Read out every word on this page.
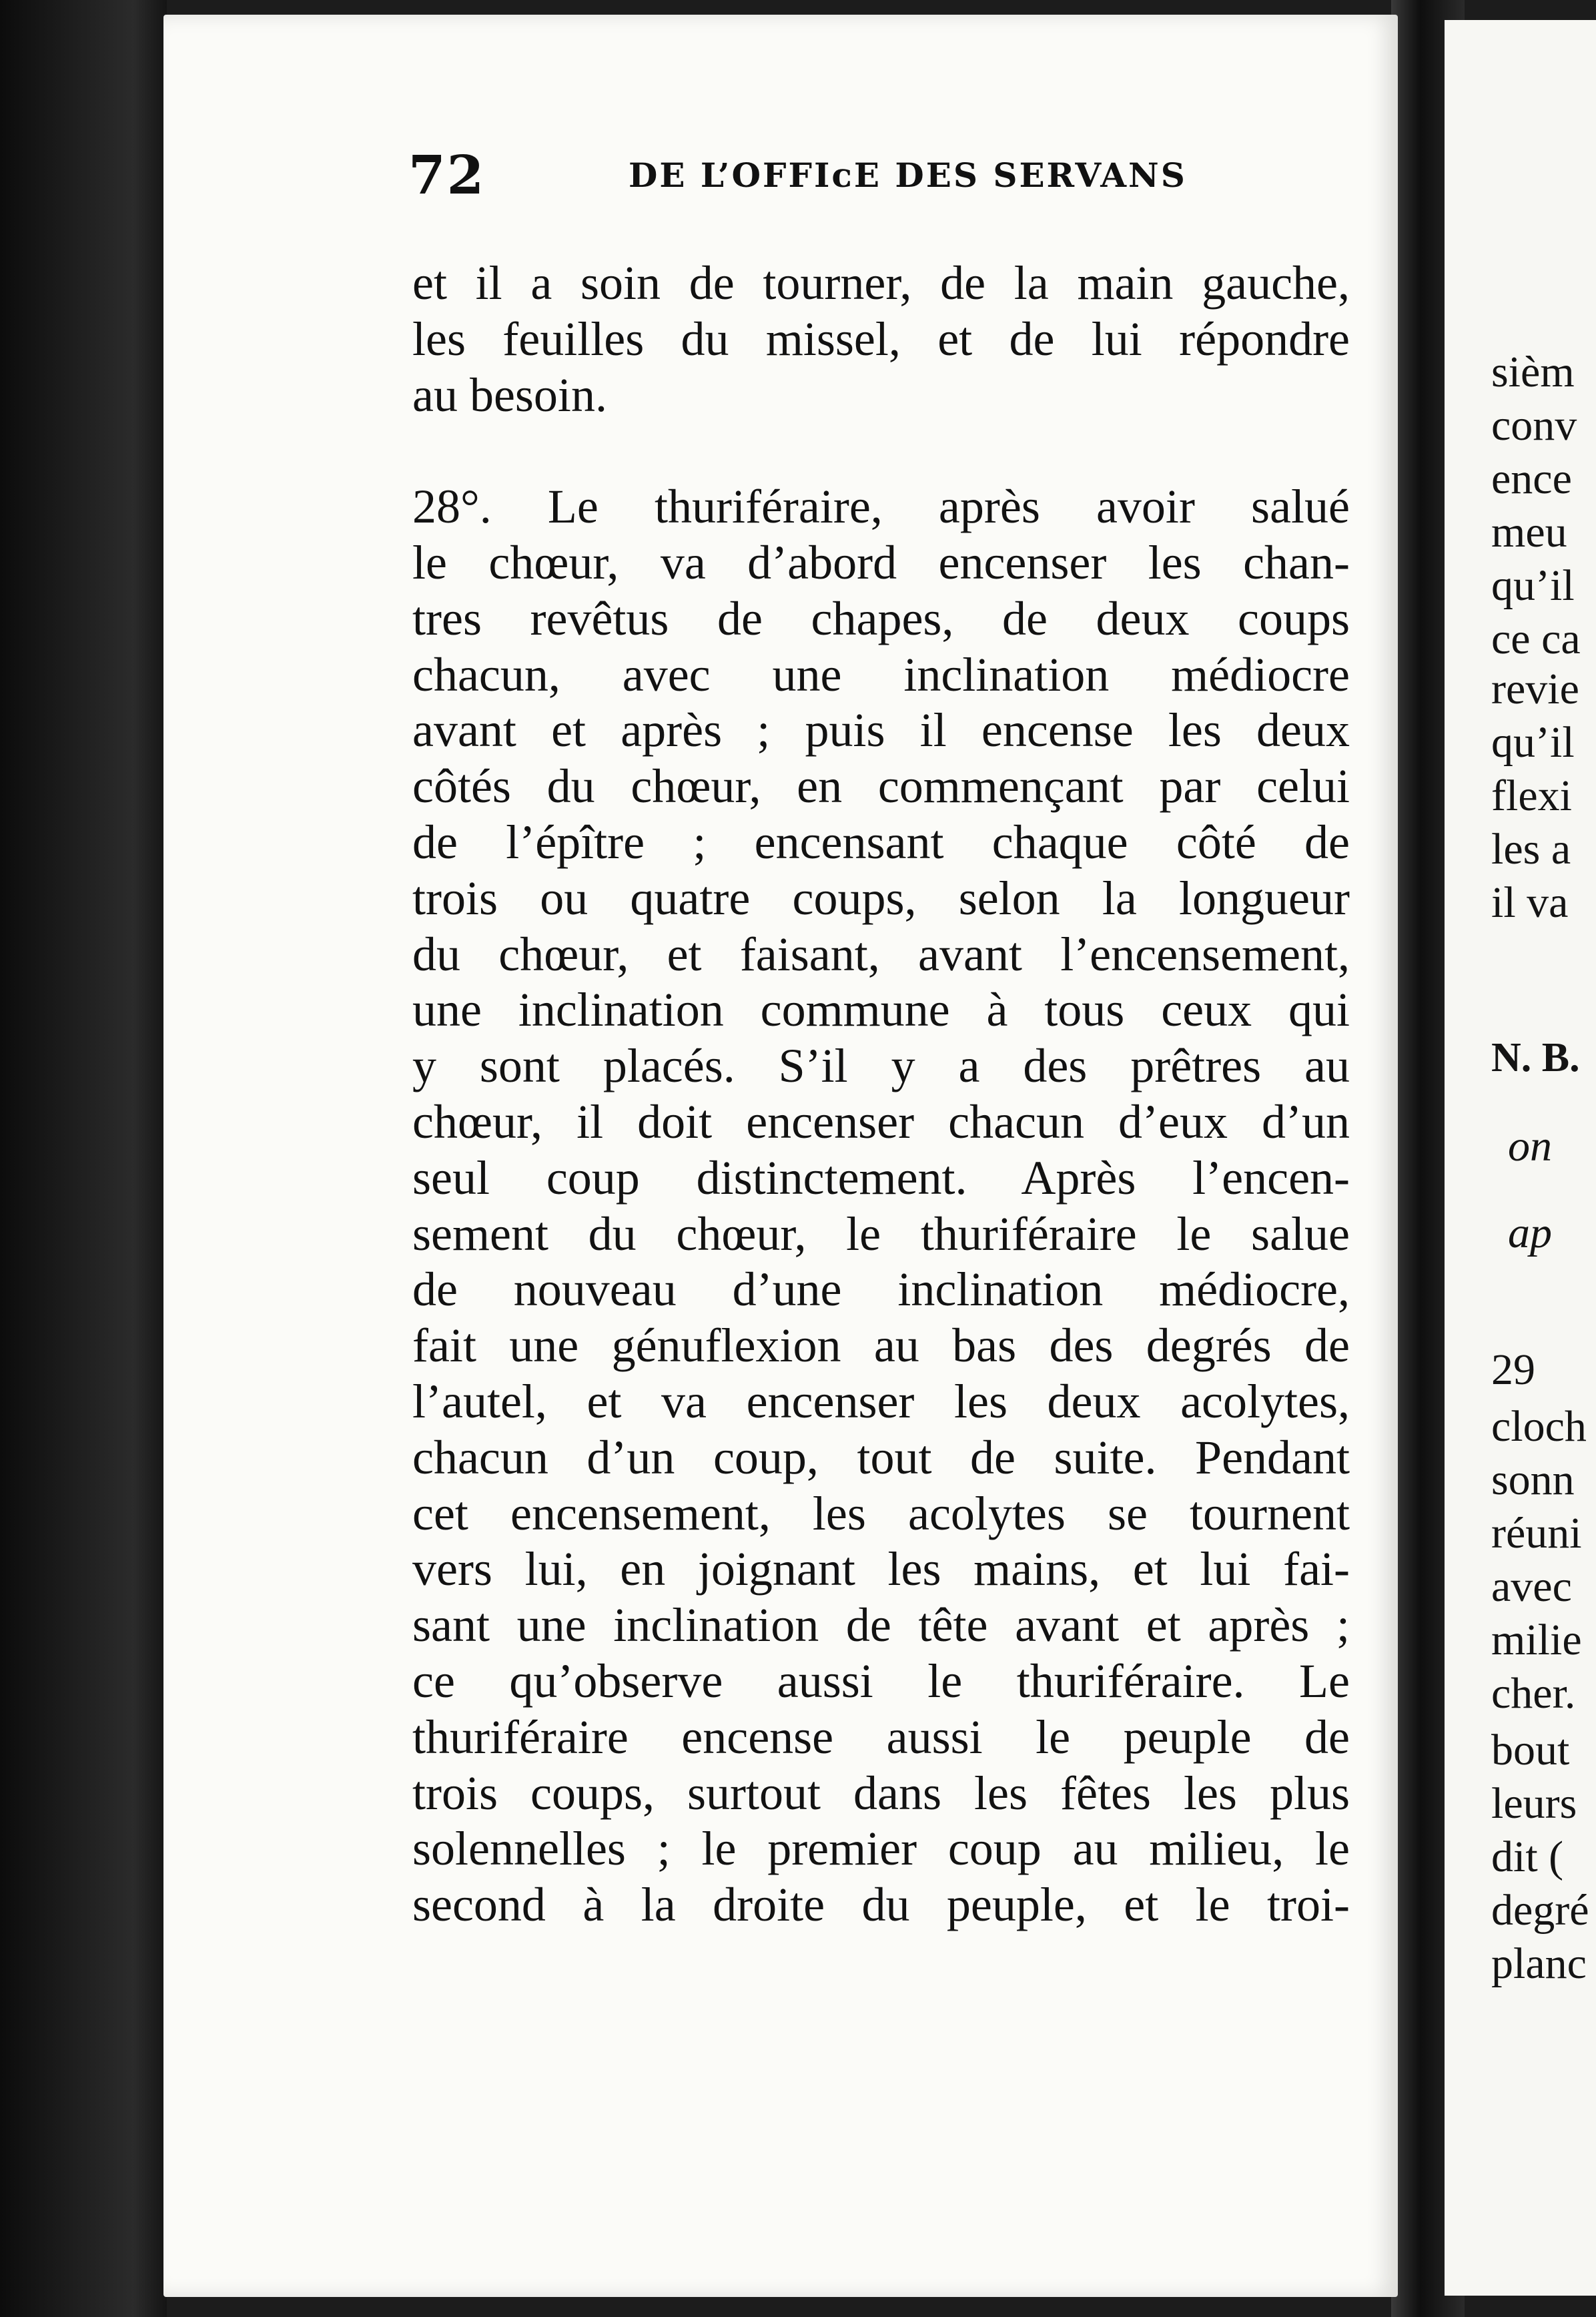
72	DE L’OFFIᴄE DES SERVANS
et il a soin de tourner, de la main gauche,
les feuilles du missel, et de lui répondre
au besoin.
28°. Le thuriféraire, après avoir salué
le chœur, va d’abord encenser les chan-
tres revêtus de chapes, de deux coups
chacun, avec une inclination médiocre
avant et après ; puis il encense les deux
côtés du chœur, en commençant par celui
de l’épître ; encensant chaque côté de
trois ou quatre coups, selon la longueur
du chœur, et faisant, avant l’encensement,
une inclination commune à tous ceux qui
y sont placés. S’il y a des prêtres au
chœur, il doit encenser chacun d’eux d’un
seul coup distinctement. Après l’encen-
sement du chœur, le thuriféraire le salue
de nouveau d’une inclination médiocre,
fait une génuflexion au bas des degrés de
l’autel, et va encenser les deux acolytes,
chacun d’un coup, tout de suite. Pendant
cet encensement, les acolytes se tournent
vers lui, en joignant les mains, et lui fai-
sant une inclination de tête avant et après ;
ce qu’observe aussi le thuriféraire. Le
thuriféraire encense aussi le peuple de
trois coups, surtout dans les fêtes les plus
solennelles ; le premier coup au milieu, le
second à la droite du peuple, et le troi-
sièm
conv
ence
meu
qu’il
ce ca
revie
qu’il
flexi
les a
il va
N. B.
on
ap
29
cloch
sonn
réuni
avec
milie
cher.
bout
leurs
dit (
degré
planc
